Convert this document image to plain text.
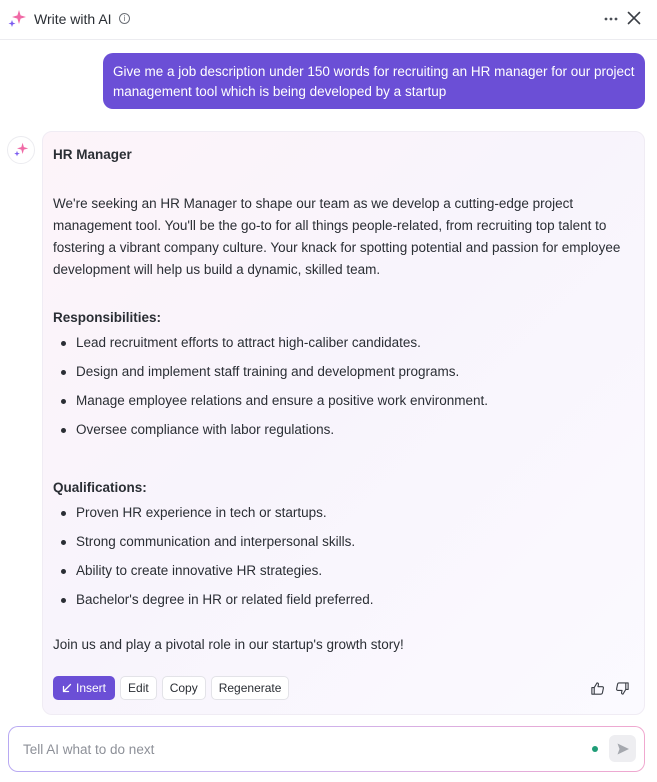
Write with AI	i
Give me a job description under 150 words for recruiting an HR manager for our project management tool which is being developed by a startup
HR Manager

We're seeking an HR Manager to shape our team as we develop a cutting-edge project management tool. You'll be the go-to for all things people-related, from recruiting top talent to fostering a vibrant company culture. Your knack for spotting potential and passion for employee development will help us build a dynamic, skilled team.

Responsibilities:
Lead recruitment efforts to attract high-caliber candidates.
Design and implement staff training and development programs.
Manage employee relations and ensure a positive work environment.
Oversee compliance with labor regulations.
Qualifications:
Proven HR experience in tech or startups.
Strong communication and interpersonal skills.
Ability to create innovative HR strategies.
Bachelor's degree in HR or related field preferred.

Join us and play a pivotal role in our startup's growth story!

Insert	Edit	Copy	Regenerate
Tell AI what to do next
